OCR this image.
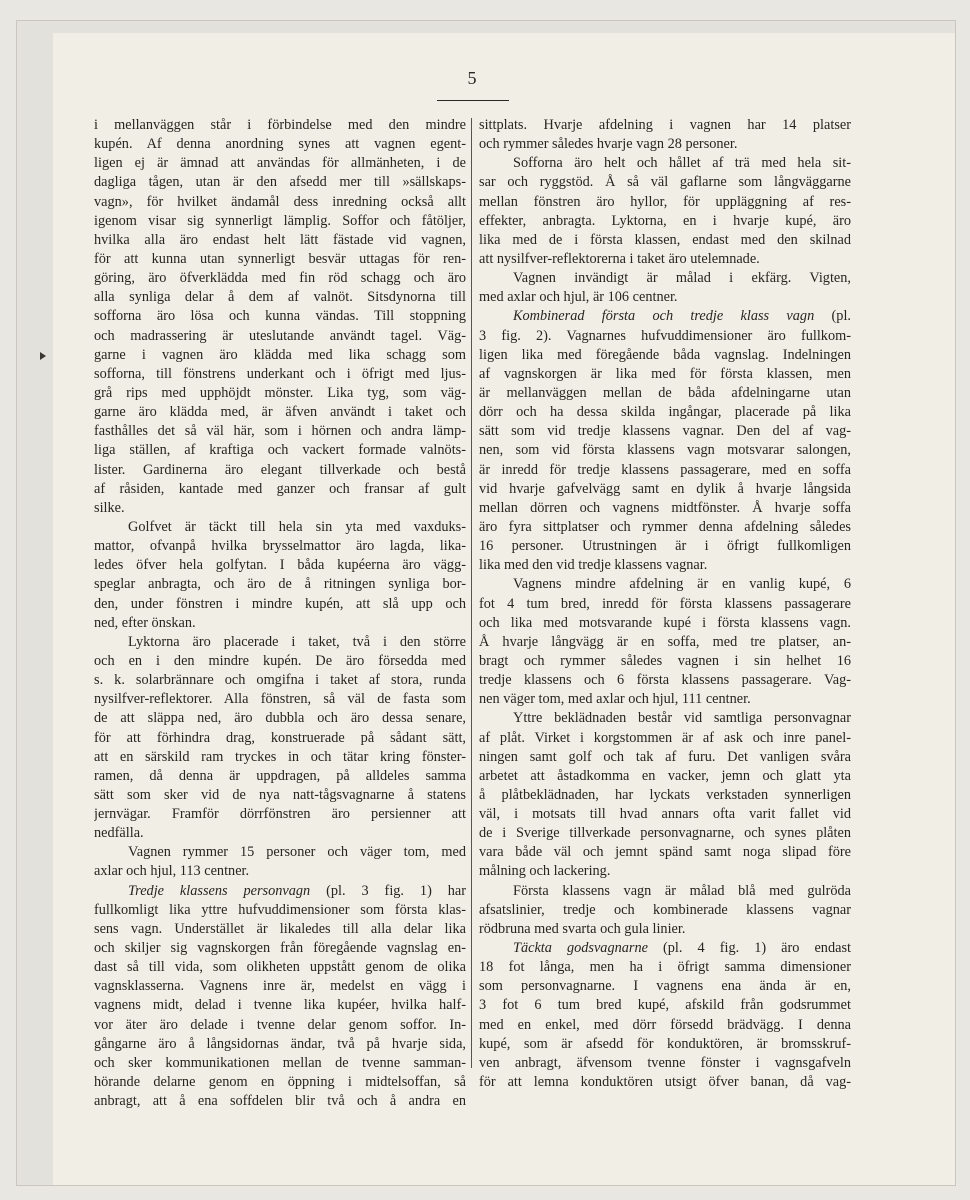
5
i mellanväggen står i förbindelse med den mindre
kupén. Af denna anordning synes att vagnen egent-
ligen ej är ämnad att användas för allmänheten, i de
dagliga tågen, utan är den afsedd mer till »sällskaps-
vagn», för hvilket ändamål dess inredning också allt
igenom visar sig synnerligt lämplig. Soffor och fåtöljer,
hvilka alla äro endast helt lätt fästade vid vagnen,
för att kunna utan synnerligt besvär uttagas för ren-
göring, äro öfverklädda med fin röd schagg och äro
alla synliga delar å dem af valnöt. Sitsdynorna till
sofforna äro lösa och kunna vändas. Till stoppning
och madrassering är uteslutande användt tagel. Väg-
garne i vagnen äro klädda med lika schagg som
sofforna, till fönstrens underkant och i öfrigt med ljus-
grå rips med upphöjdt mönster. Lika tyg, som väg-
garne äro klädda med, är äfven användt i taket och
fasthålles det så väl här, som i hörnen och andra lämp-
liga ställen, af kraftiga och vackert formade valnöts-
lister. Gardinerna äro elegant tillverkade och bestå
af råsiden, kantade med ganzer och fransar af gult
silke.
Golfvet är täckt till hela sin yta med vaxduks-
mattor, ofvanpå hvilka brysselmattor äro lagda, lika-
ledes öfver hela golfytan. I båda kupéerna äro vägg-
speglar anbragta, och äro de å ritningen synliga bor-
den, under fönstren i mindre kupén, att slå upp och
ned, efter önskan.
Lyktorna äro placerade i taket, två i den större
och en i den mindre kupén. De äro försedda med
s. k. solarbrännare och omgifna i taket af stora, runda
nysilfver-reflektorer. Alla fönstren, så väl de fasta som
de att släppa ned, äro dubbla och äro dessa senare,
för att förhindra drag, konstruerade på sådant sätt,
att en särskild ram tryckes in och tätar kring fönster-
ramen, då denna är uppdragen, på alldeles samma
sätt som sker vid de nya natt-tågsvagnarne å statens
jernvägar. Framför dörrfönstren äro persienner att
nedfälla.
Vagnen rymmer 15 personer och väger tom, med
axlar och hjul, 113 centner.
Tredje klassens personvagn (pl. 3 fig. 1) har
fullkomligt lika yttre hufvuddimensioner som första klas-
sens vagn. Understället är likaledes till alla delar lika
och skiljer sig vagnskorgen från föregående vagnslag en-
dast så till vida, som olikheten uppstått genom de olika
vagnsklasserna. Vagnens inre är, medelst en vägg i
vagnens midt, delad i tvenne lika kupéer, hvilka half-
vor äter äro delade i tvenne delar genom soffor. In-
gångarne äro å långsidornas ändar, två på hvarje sida,
och sker kommunikationen mellan de tvenne samman-
hörande delarne genom en öppning i midtelsoffan, så
anbragt, att å ena soffdelen blir två och å andra en
sittplats. Hvarje afdelning i vagnen har 14 platser
och rymmer således hvarje vagn 28 personer.
Sofforna äro helt och hållet af trä med hela sit-
sar och ryggstöd. Å så väl gaflarne som långväggarne
mellan fönstren äro hyllor, för uppläggning af res-
effekter, anbragta. Lyktorna, en i hvarje kupé, äro
lika med de i första klassen, endast med den skilnad
att nysilfver-reflektorerna i taket äro utelemnade.
Vagnen invändigt är målad i ekfärg. Vigten,
med axlar och hjul, är 106 centner.
Kombinerad första och tredje klass vagn (pl.
3 fig. 2). Vagnarnes hufvuddimensioner äro fullkom-
ligen lika med föregående båda vagnslag. Indelningen
af vagnskorgen är lika med för första klassen, men
är mellanväggen mellan de båda afdelningarne utan
dörr och ha dessa skilda ingångar, placerade på lika
sätt som vid tredje klassens vagnar. Den del af vag-
nen, som vid första klassens vagn motsvarar salongen,
är inredd för tredje klassens passagerare, med en soffa
vid hvarje gafvelvägg samt en dylik å hvarje långsida
mellan dörren och vagnens midtfönster. Å hvarje soffa
äro fyra sittplatser och rymmer denna afdelning således
16 personer. Utrustningen är i öfrigt fullkomligen
lika med den vid tredje klassens vagnar.
Vagnens mindre afdelning är en vanlig kupé, 6
fot 4 tum bred, inredd för första klassens passagerare
och lika med motsvarande kupé i första klassens vagn.
Å hvarje långvägg är en soffa, med tre platser, an-
bragt och rymmer således vagnen i sin helhet 16
tredje klassens och 6 första klassens passagerare. Vag-
nen väger tom, med axlar och hjul, 111 centner.
Yttre beklädnaden består vid samtliga personvagnar
af plåt. Virket i korgstommen är af ask och inre panel-
ningen samt golf och tak af furu. Det vanligen svåra
arbetet att åstadkomma en vacker, jemn och glatt yta
å plåtbeklädnaden, har lyckats verkstaden synnerligen
väl, i motsats till hvad annars ofta varit fallet vid
de i Sverige tillverkade personvagnarne, och synes plåten
vara både väl och jemnt spänd samt noga slipad före
målning och lackering.
Första klassens vagn är målad blå med gulröda
afsatslinier, tredje och kombinerade klassens vagnar
rödbruna med svarta och gula linier.
Täckta godsvagnarne (pl. 4 fig. 1) äro endast
18 fot långa, men ha i öfrigt samma dimensioner
som personvagnarne. I vagnens ena ända är en,
3 fot 6 tum bred kupé, afskild från godsrummet
med en enkel, med dörr försedd brädvägg. I denna
kupé, som är afsedd för konduktören, är bromsskruf-
ven anbragt, äfvensom tvenne fönster i vagnsgafveln
för att lemna konduktören utsigt öfver banan, då vag-
